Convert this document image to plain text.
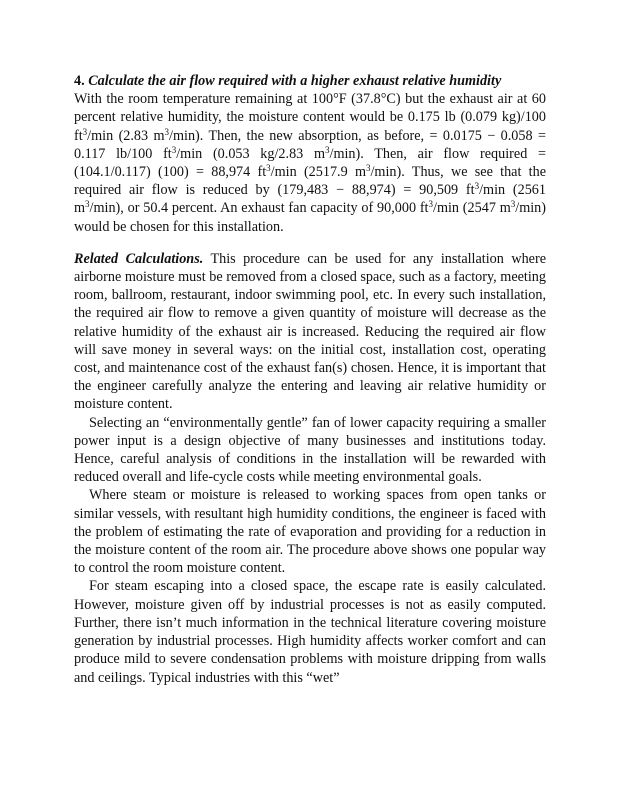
4. Calculate the air flow required with a higher exhaust relative humidity
With the room temperature remaining at 100°F (37.8°C) but the exhaust air at 60 percent relative humidity, the moisture content would be 0.175 lb (0.079 kg)/100 $ft^3/\min$ (2.83 $m^3/\min$). Then, the new absorption, as before, = 0.0175 − 0.058 = 0.117 lb/100 $ft^3/\min$ (0.053 kg/2.83 $m^3/\min$). Then, air flow required = (104.1/0.117) (100) = 88,974 $ft^3/\min$ (2517.9 $m^3/\min$). Thus, we see that the required air flow is reduced by (179,483 − 88,974) = 90,509 $ft^3/\min$ (2561 $m^3/\min$), or 50.4 percent. An exhaust fan capacity of 90,000 $ft^3/\min$ (2547 $m^3/\min$) would be chosen for this installation.

Related Calculations. This procedure can be used for any installation where airborne moisture must be removed from a closed space, such as a factory, meeting room, ballroom, restaurant, indoor swimming pool, etc. In every such installation, the required air flow to remove a given quantity of moisture will decrease as the relative humidity of the exhaust air is increased. Reducing the required air flow will save money in several ways: on the initial cost, installation cost, operating cost, and maintenance cost of the exhaust fan(s) chosen. Hence, it is important that the engineer carefully analyze the entering and leaving air relative humidity or moisture content.

Selecting an “environmentally gentle” fan of lower capacity requiring a smaller power input is a design objective of many businesses and institutions today. Hence, careful analysis of conditions in the installation will be rewarded with reduced overall and life-cycle costs while meeting environmental goals.

Where steam or moisture is released to working spaces from open tanks or similar vessels, with resultant high humidity conditions, the engineer is faced with the problem of estimating the rate of evaporation and providing for a reduction in the moisture content of the room air. The procedure above shows one popular way to control the room moisture content.

For steam escaping into a closed space, the escape rate is easily calculated. However, moisture given off by industrial processes is not as easily computed. Further, there isn’t much information in the technical literature covering moisture generation by industrial processes. High humidity affects worker comfort and can produce mild to severe condensation problems with moisture dripping from walls and ceilings. Typical industries with this “wet”
